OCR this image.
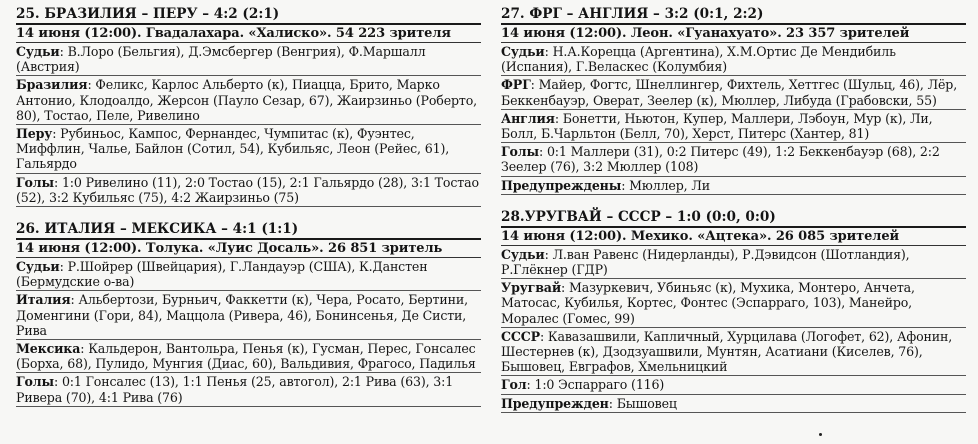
25. БРАЗИЛИЯ – ПЕРУ – 4:2 (2:1)
14 июня (12:00). Гвадалахара. «Халиско». 54 223 зрителя
Судьи: В.Лоро (Бельгия), Д.Эмсбергер (Венгрия), Ф.Маршалл (Австрия)
Бразилия: Феликс, Карлос Альберто (к), Пиацца, Брито, Марко Антонио, Клодоалдо, Жерсон (Пауло Сезар, 67), Жаирзиньо (Роберто, 80), Тостао, Пеле, Ривелино
Перу: Рубиньос, Кампос, Фернандес, Чумпитас (к), Фуэнтес, Миффлин, Чалье, Байлон (Сотил, 54), Кубильяс, Леон (Рейес, 61), Гальярдо
Голы: 1:0 Ривелино (11), 2:0 Тостао (15), 2:1 Гальярдо (28), 3:1 Тостао (52), 3:2 Кубильяс (75), 4:2 Жаирзиньо (75)
26. ИТАЛИЯ – МЕКСИКА – 4:1 (1:1)
14 июня (12:00). Толука. «Луис Досаль». 26 851 зритель
Судьи: Р.Шойрер (Швейцария), Г.Ландауэр (США), К.Данстен (Бермудские о-ва)
Италия: Альбертози, Бурньич, Факкетти (к), Чера, Росато, Бертини, Доменгини (Гори, 84), Маццола (Ривера, 46), Бонинсенья, Де Систи, Рива
Мексика: Кальдерон, Вантольра, Пенья (к), Гусман, Перес, Гонсалес (Борха, 68), Пулидо, Мунгия (Диас, 60), Вальдивия, Фрагосо, Падилья
Голы: 0:1 Гонсалес (13), 1:1 Пенья (25, автогол), 2:1 Рива (63), 3:1 Ривера (70), 4:1 Рива (76)
27. ФРГ – АНГЛИЯ – 3:2 (0:1, 2:2)
14 июня (12:00). Леон. «Гуанахуато». 23 357 зрителей
Судьи: Н.А.Корецца (Аргентина), Х.М.Ортис Де Мендибиль (Испания), Г.Веласкес (Колумбия)
ФРГ: Майер, Фогтс, Шнеллингер, Фихтель, Хеттгес (Шульц, 46), Лёр, Беккенбауэр, Оверат, Зеелер (к), Мюллер, Либуда (Грабовски, 55)
Англия: Бонетти, Ньютон, Купер, Маллери, Лэбоун, Мур (к), Ли, Болл, Б.Чарльтон (Белл, 70), Херст, Питерс (Хантер, 81)
Голы: 0:1 Маллери (31), 0:2 Питерс (49), 1:2 Беккенбауэр (68), 2:2 Зеелер (76), 3:2 Мюллер (108)
Предупреждены: Мюллер, Ли
28.УРУГВАЙ – СССР – 1:0 (0:0, 0:0)
14 июня (12:00). Мехико. «Ацтека». 26 085 зрителей
Судьи: Л.ван Равенс (Нидерланды), Р.Дэвидсон (Шотландия), Р.Глёкнер (ГДР)
Уругвай: Мазуркевич, Убиньяс (к), Мухика, Монтеро, Анчета, Матосас, Кубилья, Кортес, Фонтес (Эспаррагo, 103), Манейро, Моралес (Гомес, 99)
СССР: Кавазашвили, Капличный, Хурцилава (Логофет, 62), Афонин, Шестернев (к), Дзодзуашвили, Мунтян, Асатиани (Киселев, 76), Бышовец, Евграфов, Хмельницкий
Гол: 1:0 Эспарраго (116)
Предупрежден: Бышовец
